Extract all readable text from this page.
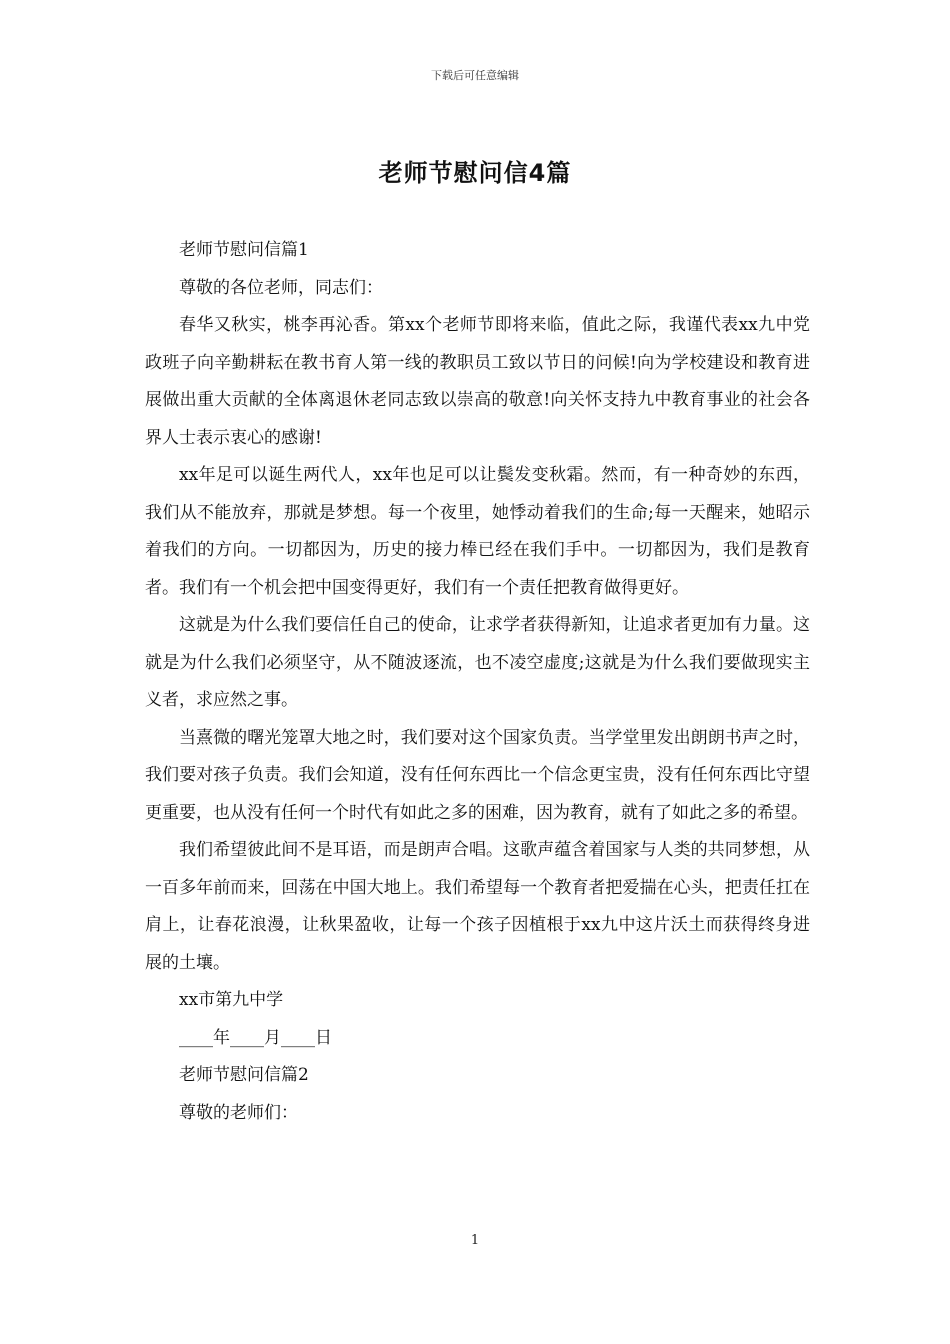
下载后可任意编辑
老师节慰问信4篇

老师节慰问信篇1

尊敬的各位老师，同志们：

春华又秋实，桃李再沁香。第xx个老师节即将来临，值此之际，我谨代表xx九中党政班子向辛勤耕耘在教书育人第一线的教职员工致以节日的问候!向为学校建设和教育进展做出重大贡献的全体离退休老同志致以崇高的敬意!向关怀支持九中教育事业的社会各界人士表示衷心的感谢!

xx年足可以诞生两代人，xx年也足可以让鬓发变秋霜。然而，有一种奇妙的东西，我们从不能放弃，那就是梦想。每一个夜里，她悸动着我们的生命;每一天醒来，她昭示着我们的方向。一切都因为，历史的接力棒已经在我们手中。一切都因为，我们是教育者。我们有一个机会把中国变得更好，我们有一个责任把教育做得更好。

这就是为什么我们要信任自己的使命，让求学者获得新知，让追求者更加有力量。这就是为什么我们必须坚守，从不随波逐流，也不凌空虚度;这就是为什么我们要做现实主义者，求应然之事。

当熹微的曙光笼罩大地之时，我们要对这个国家负责。当学堂里发出朗朗书声之时，我们要对孩子负责。我们会知道，没有任何东西比一个信念更宝贵，没有任何东西比守望更重要，也从没有任何一个时代有如此之多的困难，因为教育，就有了如此之多的希望。

我们希望彼此间不是耳语，而是朗声合唱。这歌声蕴含着国家与人类的共同梦想，从一百多年前而来，回荡在中国大地上。我们希望每一个教育者把爱揣在心头，把责任扛在肩上，让春花浪漫，让秋果盈收，让每一个孩子因植根于xx九中这片沃土而获得终身进展的土壤。

xx市第九中学

____年____月____日

老师节慰问信篇2

尊敬的老师们：

1
